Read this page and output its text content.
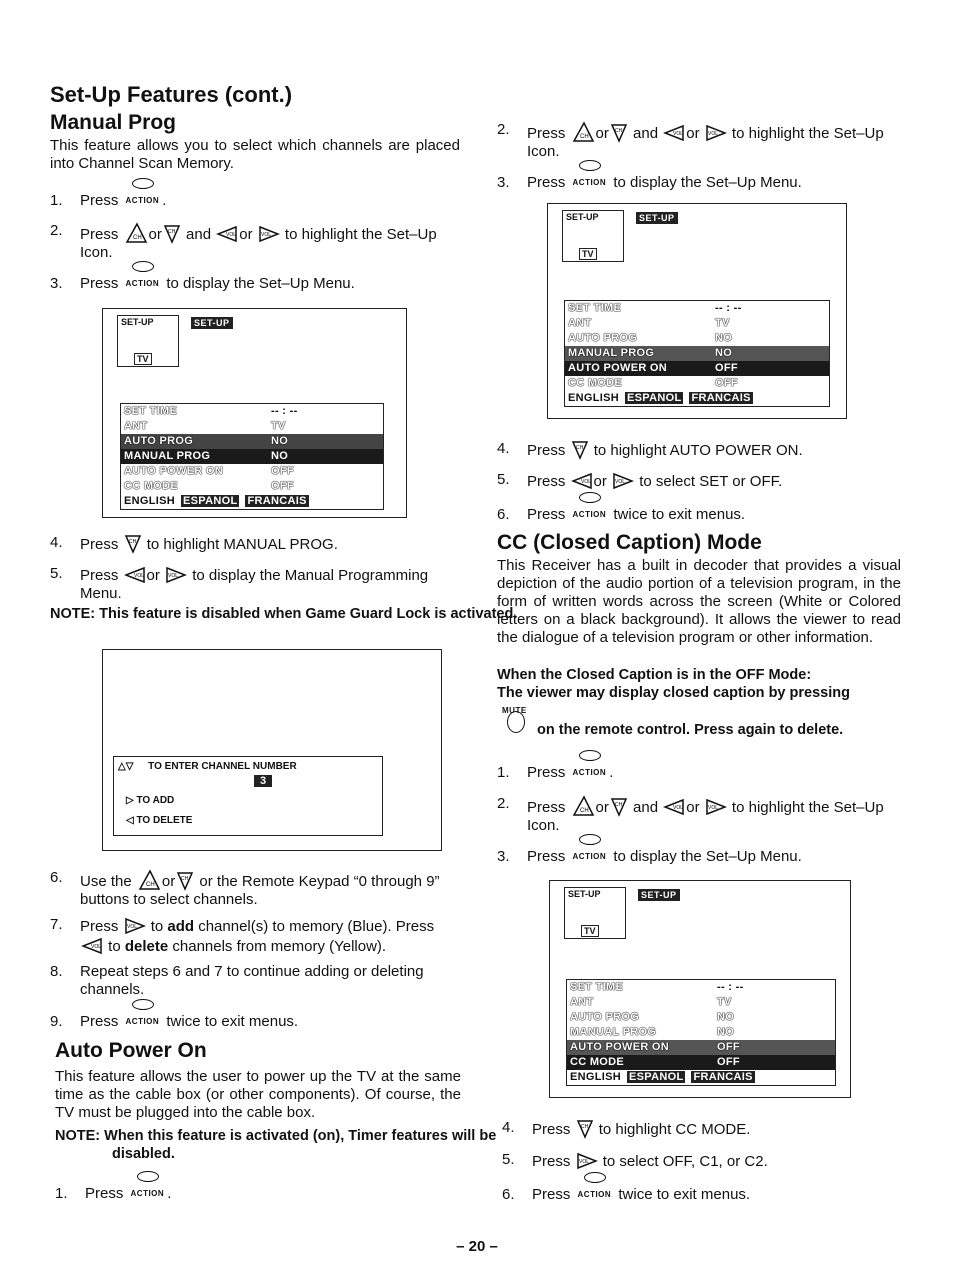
Set-Up Features (cont.)
Manual Prog

This feature allows you to select which channels are placed into Channel Scan Memory.

1.	Press ACTION .
2.	Press CH or CH and	VOL or VOL to highlight the Set–Up Icon.
3.	Press ACTION to display the Set–Up Menu.
SET-UP
TV
SET-UP
SET TIME	-- : --
ANT	TV
AUTO PROG	NO
MANUAL PROG	NO
AUTO POWER ON	OFF
CC MODE	OFF
ENGLISH ESPANOL FRANCAIS
4.	Press CH to highlight MANUAL PROG.
5.	Press	VOL or VOL to display the Manual Programming Menu.

NOTE: This feature is disabled when Game Guard Lock is activated.

△▽ TO ENTER CHANNEL NUMBER
3
▷ TO ADD
◁ TO DELETE
6.	Use the CH or CH or the Remote Keypad “0 through 9” buttons to select channels.
7.	Press VOL to add channel(s) to memory (Blue). Press

VOL to delete channels from memory (Yellow).
8.	Repeat steps 6 and 7 to continue adding or deleting channels.
9.	Press ACTION twice to exit menus.
Auto Power On

This feature allows the user to power up the TV at the same time as the cable box (or other components). Of course, the TV must be plugged into the cable box.

NOTE: When this feature is activated (on), Timer features will be disabled.

1.	Press ACTION .
2.	Press CH or CH and	VOL or VOL to highlight the Set–Up Icon.
3.	Press ACTION to display the Set–Up Menu.
SET-UP
TV
SET-UP
SET TIME	-- : --
ANT	TV
AUTO PROG	NO
MANUAL PROG	NO
AUTO POWER ON	OFF
CC MODE	OFF
ENGLISH ESPANOL FRANCAIS
4.	Press CH to highlight AUTO POWER ON.
5.	Press	VOL or VOL to select SET or OFF.
6.	Press ACTION twice to exit menus.
CC (Closed Caption) Mode

This Receiver has a built in decoder that provides a visual depiction of the audio portion of a television program, in the form of written words across the screen (White or Colored letters on a black background). It allows the viewer to read the dialogue of a television program or other information.

When the Closed Caption is in the OFF Mode:

The viewer may display closed caption by pressing

$_{MUTE}$

on the remote control. Press again to delete.

1.	Press ACTION .
2.	Press CH or CH and	VOL or VOL to highlight the Set–Up Icon.
3.	Press ACTION to display the Set–Up Menu.
SET-UP
TV
SET-UP
SET TIME	-- : --
ANT	TV
AUTO PROG	NO
MANUAL PROG	NO
AUTO POWER ON	OFF
CC MODE	OFF
ENGLISH ESPANOL FRANCAIS
4.	Press CH to highlight CC MODE.
5.	Press VOL to select OFF, C1, or C2.
6.	Press ACTION twice to exit menus.
– 20 –
